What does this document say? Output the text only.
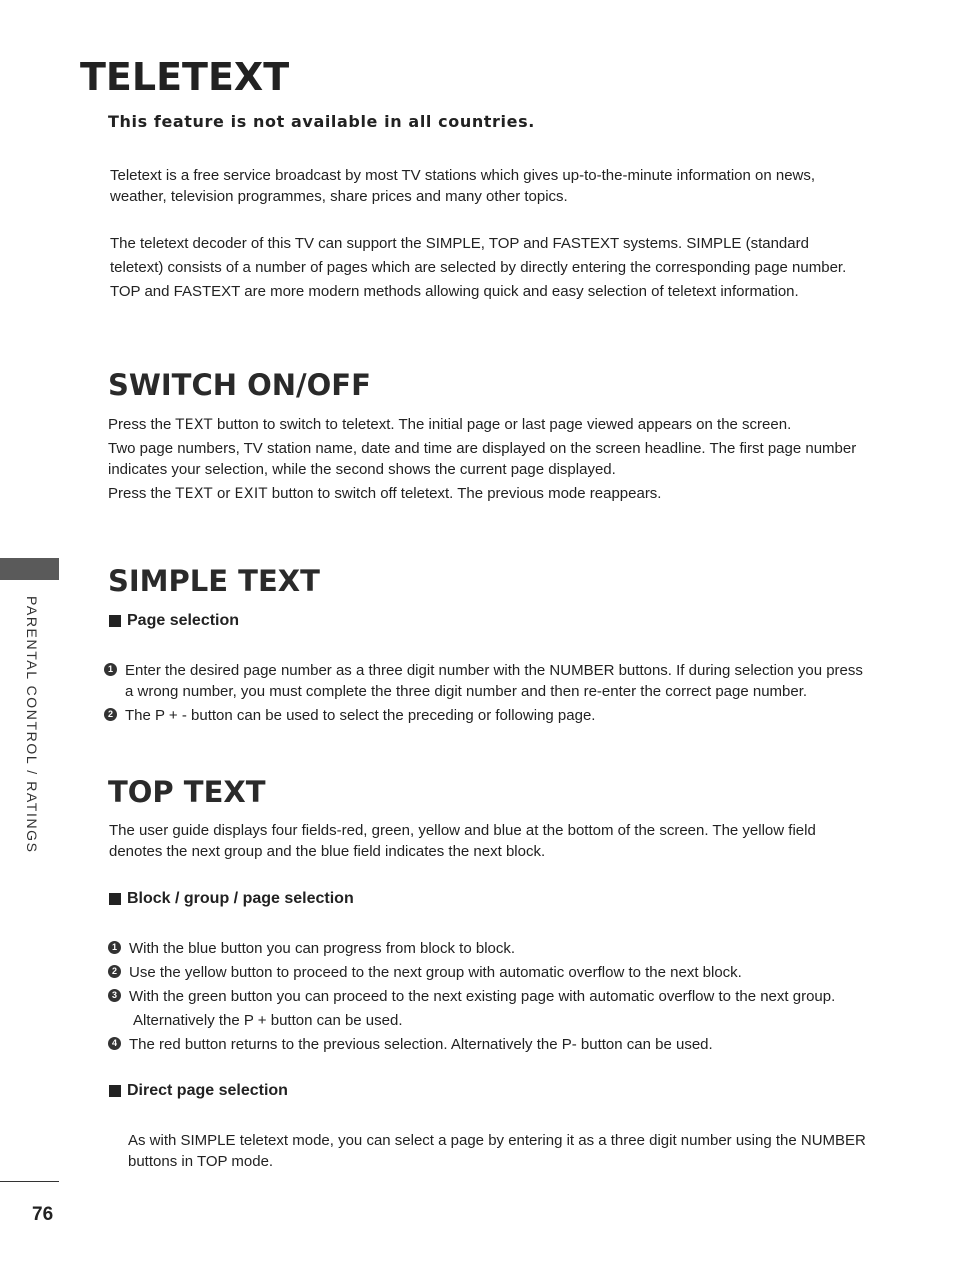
TELETEXT
This feature is not available in all countries.

Teletext is a free service broadcast by most TV stations which gives up-to-the-minute information on news, weather, television programmes, share prices and many other topics.

The teletext decoder of this TV can support the SIMPLE, TOP and FASTEXT systems. SIMPLE (standard teletext) consists of a number of pages which are selected by directly entering the corresponding page number. TOP and FASTEXT are more modern methods allowing quick and easy selection of teletext information.

SWITCH ON/OFF

Press the TEXT button to switch to teletext. The initial page or last page viewed appears on the screen.

Two page numbers, TV station name, date and time are displayed on the screen headline. The first page number indicates your selection, while the second shows the current page displayed.

Press the TEXT or EXIT button to switch off teletext. The previous mode reappears.

PARENTAL CONTROL / RATINGS
SIMPLE TEXT
Page selection
1 Enter the desired page number as a three digit number with the NUMBER buttons. If during selection you press a wrong number, you must complete the three digit number and then re-enter the correct page number.
2 The P + - button can be used to select the preceding or following page.
TOP TEXT

The user guide displays four fields-red, green, yellow and blue at the bottom of the screen. The yellow field denotes the next group and the blue field indicates the next block.

Block / group / page selection
1 With the blue button you can progress from block to block.
2 Use the yellow button to proceed to the next group with automatic overflow to the next block.
3 With the green button you can proceed to the next existing page with automatic overflow to the next group.
Alternatively the P + button can be used.
4 The red button returns to the previous selection. Alternatively the P- button can be used.
Direct page selection

As with SIMPLE teletext mode, you can select a page by entering it as a three digit number using the NUMBER buttons in TOP mode.

76
